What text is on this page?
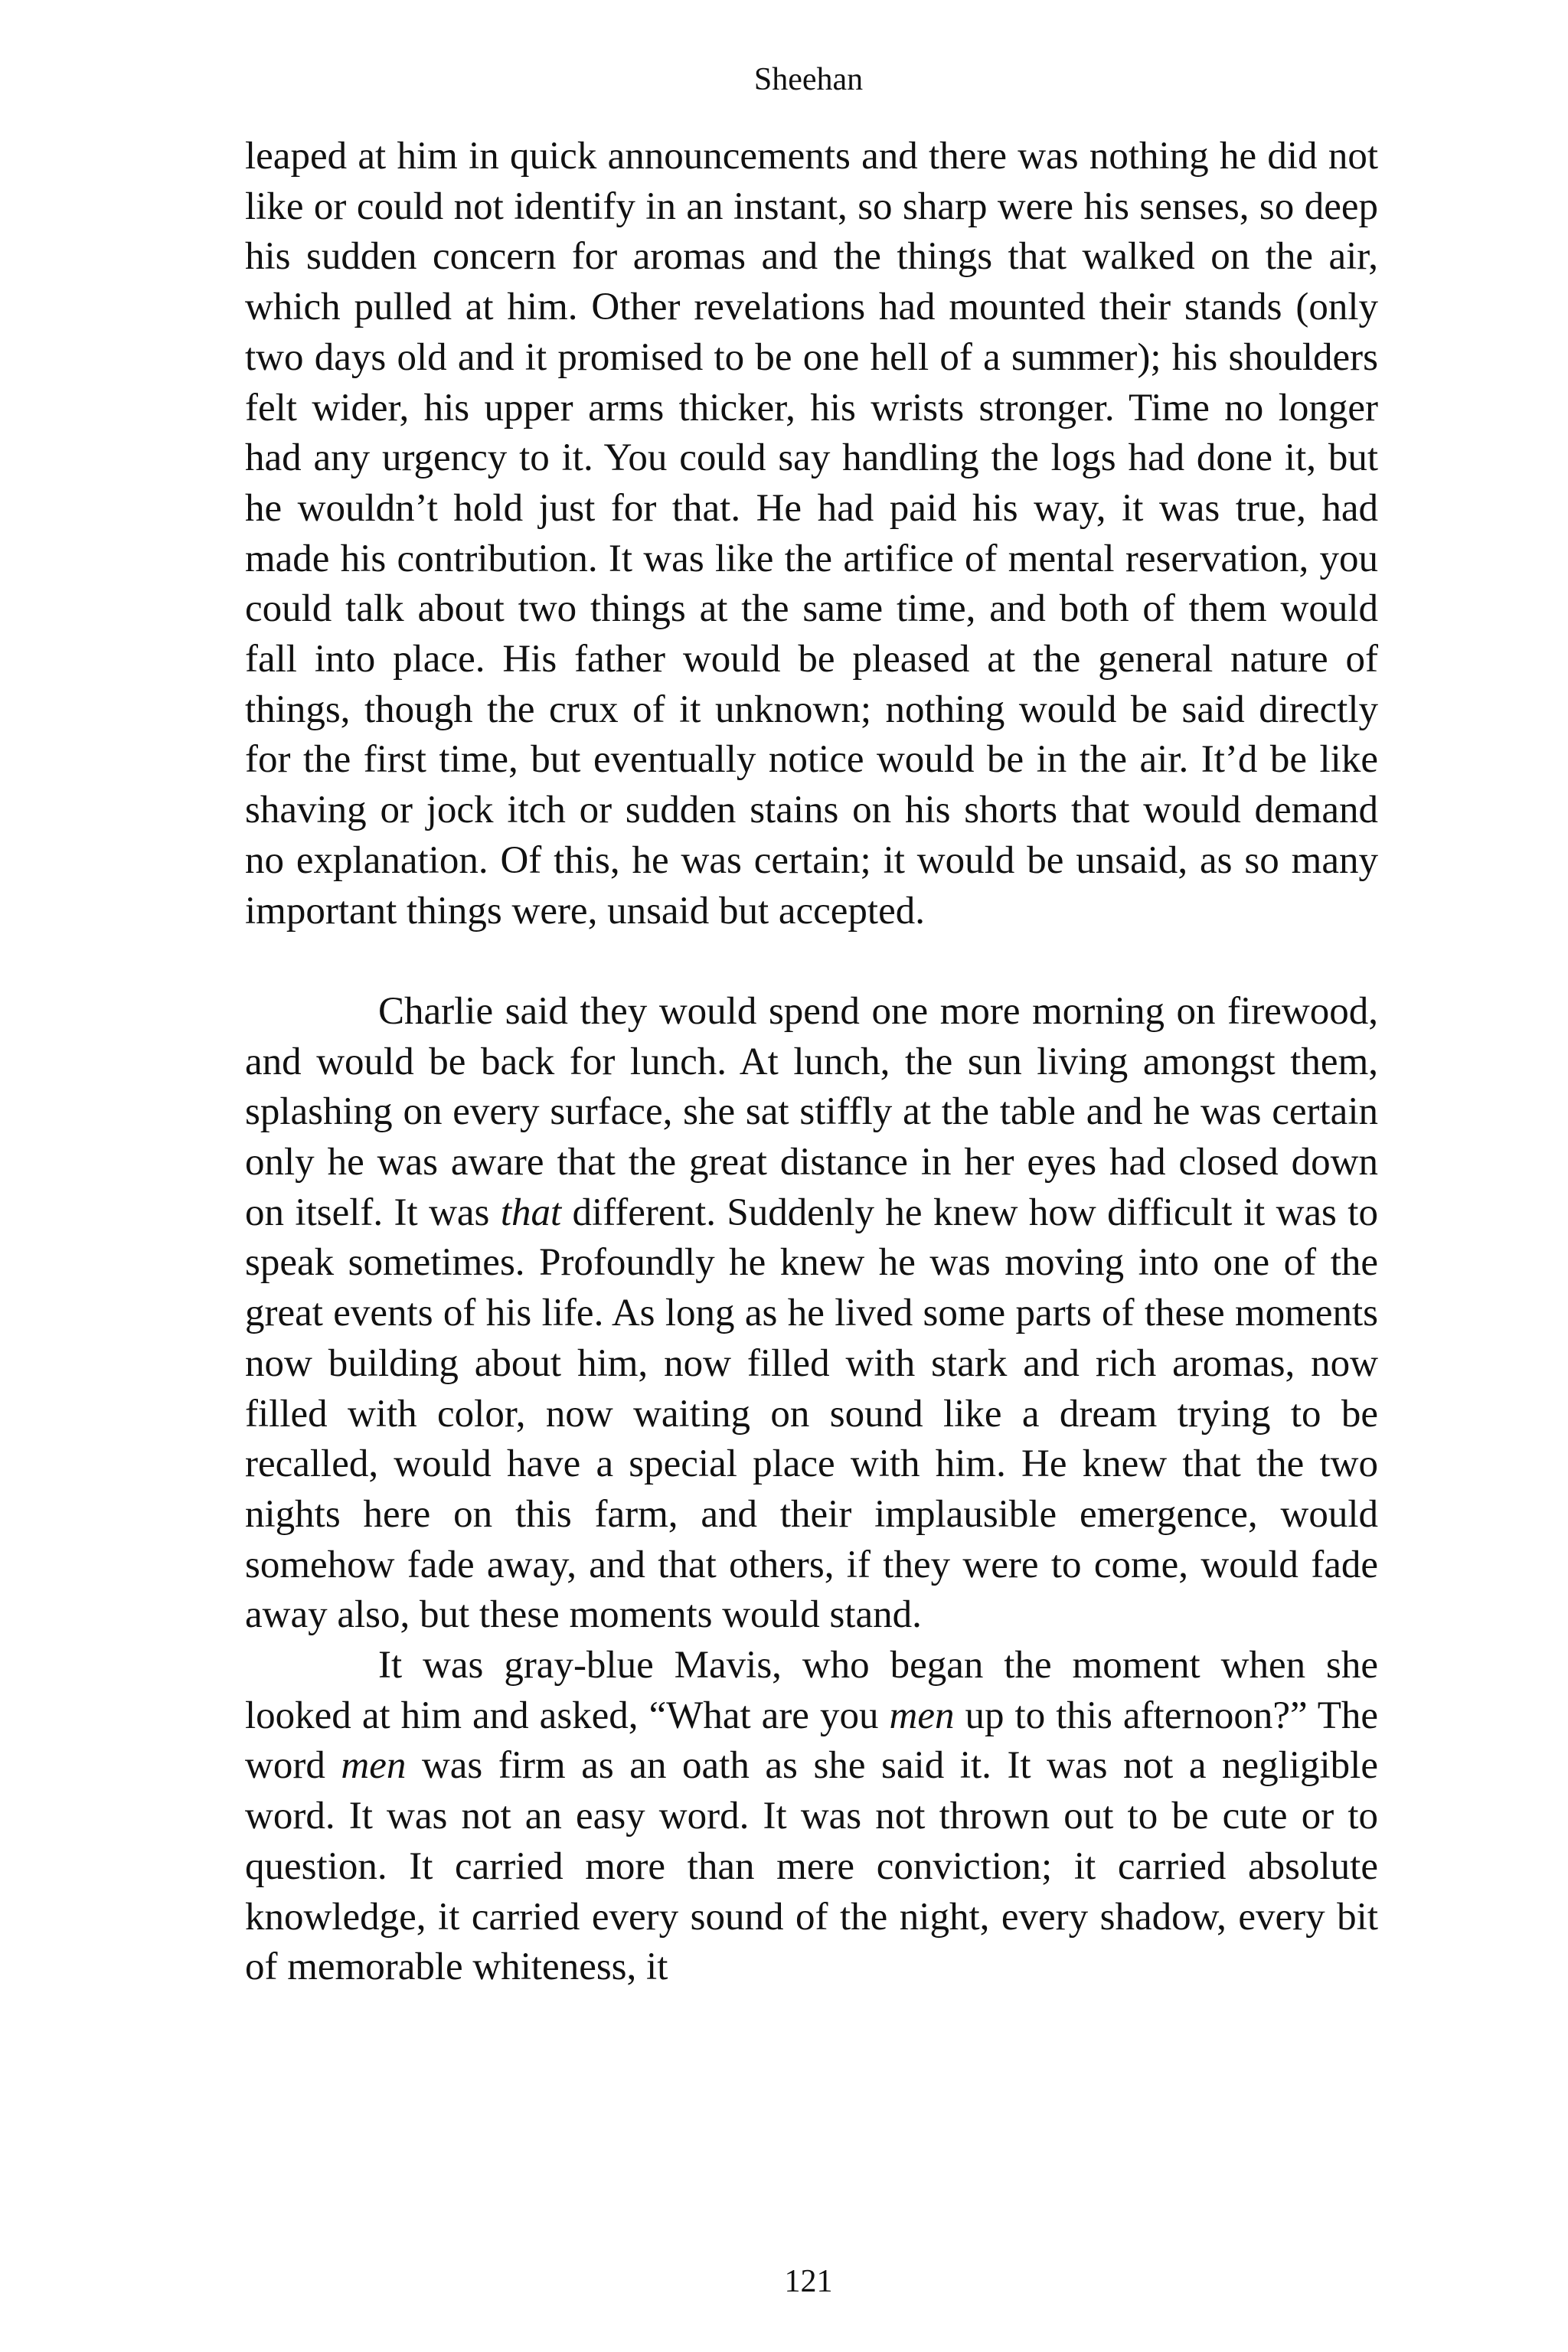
Sheehan

leaped at him in quick announcements and there was nothing he did not like or could not identify in an instant, so sharp were his senses, so deep his sudden concern for aromas and the things that walked on the air, which pulled at him. Other revelations had mounted their stands (only two days old and it promised to be one hell of a summer); his shoulders felt wider, his upper arms thicker, his wrists stronger. Time no longer had any urgency to it. You could say handling the logs had done it, but he wouldn’t hold just for that. He had paid his way, it was true, had made his contribution. It was like the artifice of mental reservation, you could talk about two things at the same time, and both of them would fall into place. His father would be pleased at the general nature of things, though the crux of it unknown; nothing would be said directly for the first time, but eventually notice would be in the air. It’d be like shaving or jock itch or sudden stains on his shorts that would demand no explanation. Of this, he was certain; it would be unsaid, as so many important things were, unsaid but accepted.

Charlie said they would spend one more morning on firewood, and would be back for lunch. At lunch, the sun living amongst them, splashing on every surface, she sat stiffly at the table and he was certain only he was aware that the great distance in her eyes had closed down on itself. It was that different. Suddenly he knew how difficult it was to speak sometimes. Profoundly he knew he was moving into one of the great events of his life. As long as he lived some parts of these moments now building about him, now filled with stark and rich aromas, now filled with color, now waiting on sound like a dream trying to be recalled, would have a special place with him. He knew that the two nights here on this farm, and their implausible emergence, would somehow fade away, and that others, if they were to come, would fade away also, but these moments would stand.

It was gray-blue Mavis, who began the moment when she looked at him and asked, “What are you men up to this afternoon?” The word men was firm as an oath as she said it. It was not a negligible word. It was not an easy word. It was not thrown out to be cute or to question. It carried more than mere conviction; it carried absolute knowledge, it carried every sound of the night, every shadow, every bit of memorable whiteness, it

121
